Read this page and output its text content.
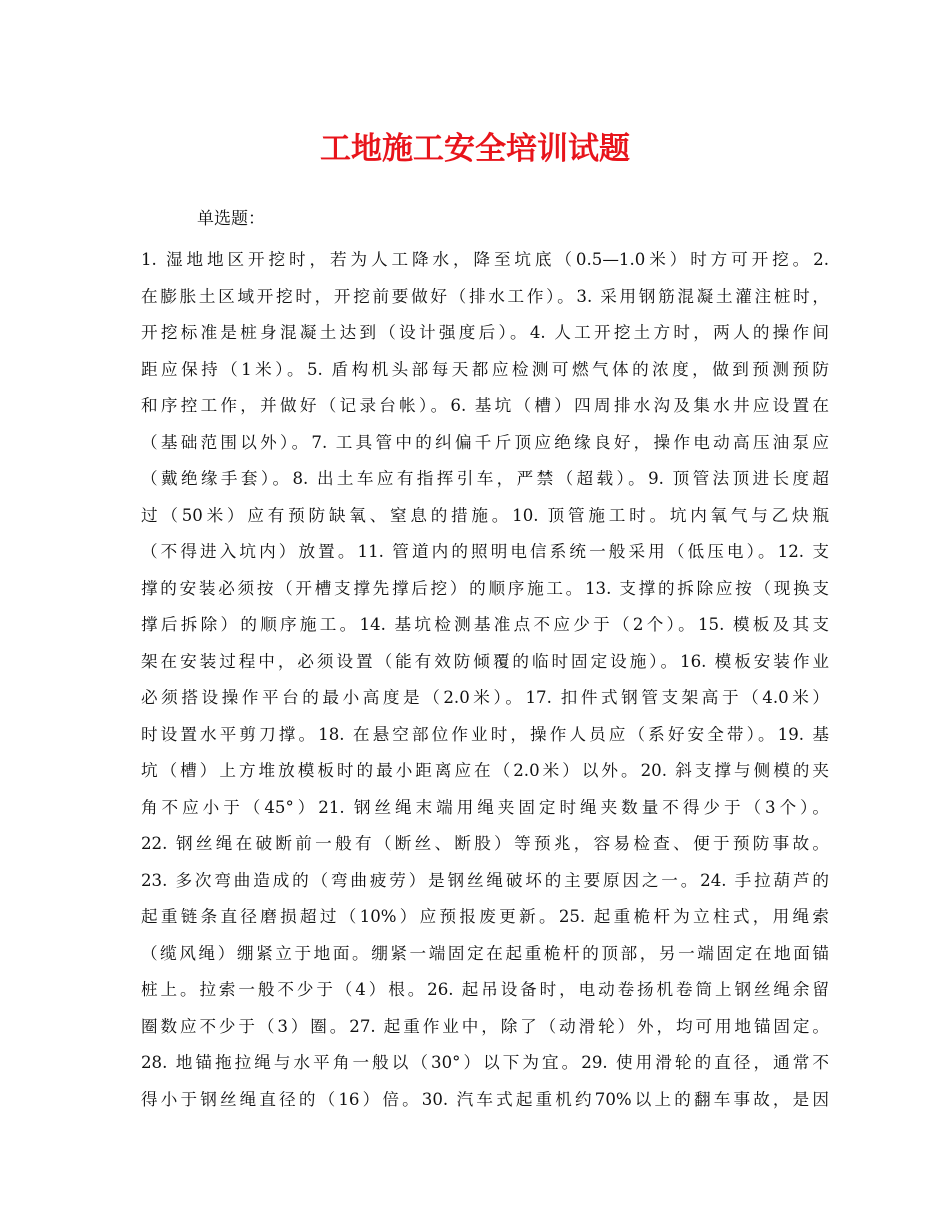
工地施工安全培训试题

单选题：

1. 湿地地区开挖时，若为人工降水，降至坑底（0.5—1.0米）时方可开挖。2.
在膨胀土区域开挖时，开挖前要做好（排水工作）。3. 采用钢筋混凝土灌注桩时，
开挖标准是桩身混凝土达到（设计强度后）。4. 人工开挖土方时，两人的操作间
距应保持（1米）。5. 盾构机头部每天都应检测可燃气体的浓度，做到预测预防
和序控工作，并做好（记录台帐）。6. 基坑（槽）四周排水沟及集水井应设置在
（基础范围以外）。7. 工具管中的纠偏千斤顶应绝缘良好，操作电动高压油泵应
（戴绝缘手套）。8. 出土车应有指挥引车，严禁（超载）。9. 顶管法顶进长度超
过（50米）应有预防缺氧、窒息的措施。10. 顶管施工时。坑内氧气与乙炔瓶
（不得进入坑内）放置。11. 管道内的照明电信系统一般采用（低压电）。12. 支
撑的安装必须按（开槽支撑先撑后挖）的顺序施工。13. 支撑的拆除应按（现换支
撑后拆除）的顺序施工。14. 基坑检测基准点不应少于（2个）。15. 模板及其支
架在安装过程中，必须设置（能有效防倾覆的临时固定设施）。16. 模板安装作业
必须搭设操作平台的最小高度是（2.0米）。17. 扣件式钢管支架高于（4.0米）
时设置水平剪刀撑。18. 在悬空部位作业时，操作人员应（系好安全带）。19. 基
坑（槽）上方堆放模板时的最小距离应在（2.0米）以外。20. 斜支撑与侧模的夹
角不应小于（45°）21. 钢丝绳末端用绳夹固定时绳夹数量不得少于（3个）。
22. 钢丝绳在破断前一般有（断丝、断股）等预兆，容易检查、便于预防事故。
23. 多次弯曲造成的（弯曲疲劳）是钢丝绳破坏的主要原因之一。24. 手拉葫芦的
起重链条直径磨损超过（10%）应预报废更新。25. 起重桅杆为立柱式，用绳索
（缆风绳）绷紧立于地面。绷紧一端固定在起重桅杆的顶部，另一端固定在地面锚
桩上。拉索一般不少于（4）根。26. 起吊设备时，电动卷扬机卷筒上钢丝绳余留
圈数应不少于（3）圈。27. 起重作业中，除了（动滑轮）外，均可用地锚固定。
28. 地锚拖拉绳与水平角一般以（30°）以下为宜。29. 使用滑轮的直径，通常不
得小于钢丝绳直径的（16）倍。30. 汽车式起重机约70%以上的翻车事故，是因
